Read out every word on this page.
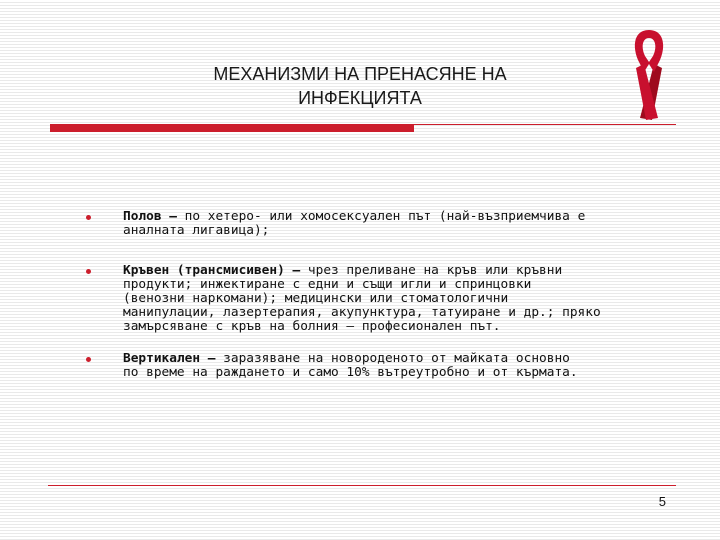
МЕХАНИЗМИ НА ПРЕНАСЯНЕ НА
ИНФЕКЦИЯТА
Полов – по хетеро- или хомосексуален път (най-възприемчива е
аналната лигавица);
Кръвен (трансмисивен) – чрез преливане на кръв или кръвни
продукти; инжектиране с едни и същи игли и спринцовки
(венозни наркомани); медицински или стоматологични
манипулации, лазертерапия, акупунктура, татуиране и др.; пряко
замърсяване с кръв на болния – професионален път.
Вертикален – заразяване на новороденото от майката основно
по време на раждането и само 10% вътреутробно и от кърмата.
5
